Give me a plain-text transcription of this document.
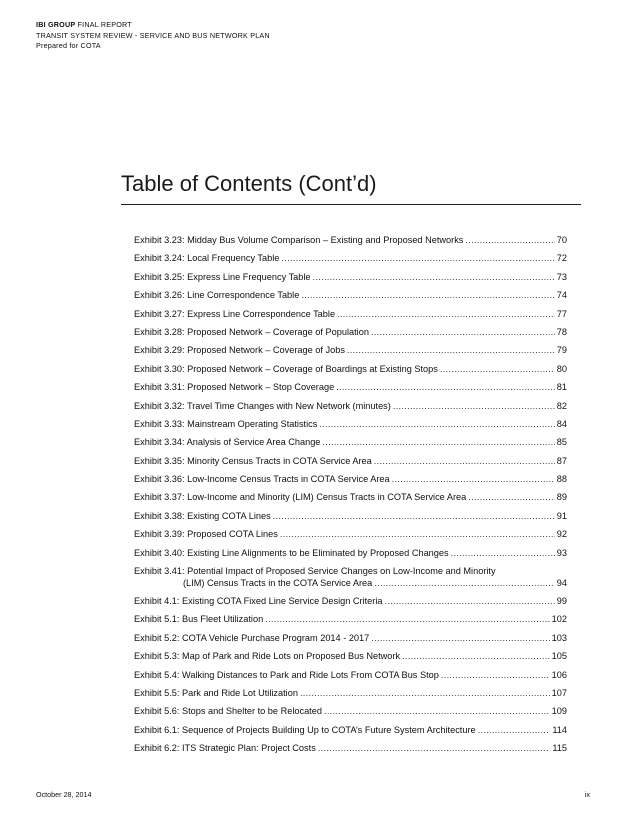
IBI GROUP FINAL REPORT
TRANSIT SYSTEM REVIEW - SERVICE AND BUS NETWORK PLAN
Prepared for COTA
Table of Contents (Cont’d)
Exhibit 3.23: Midday Bus Volume Comparison – Existing and Proposed Networks .....	70
Exhibit 3.24: Local Frequency Table .....	72
Exhibit 3.25: Express Line Frequency Table .....	73
Exhibit 3.26: Line Correspondence Table .....	74
Exhibit 3.27: Express Line Correspondence Table .....	77
Exhibit 3.28: Proposed Network – Coverage of Population .....	78
Exhibit 3.29: Proposed Network – Coverage of Jobs .....	79
Exhibit 3.30: Proposed Network – Coverage of Boardings at Existing Stops .....	80
Exhibit 3.31: Proposed Network – Stop Coverage .....	81
Exhibit 3.32: Travel Time Changes with New Network (minutes) .....	82
Exhibit 3.33: Mainstream Operating Statistics .....	84
Exhibit 3.34: Analysis of Service Area Change .....	85
Exhibit 3.35: Minority Census Tracts in COTA Service Area .....	87
Exhibit 3.36: Low-Income Census Tracts in COTA Service Area .....	88
Exhibit 3.37: Low-Income and Minority (LIM) Census Tracts in COTA Service Area .....	89
Exhibit 3.38: Existing COTA Lines .....	91
Exhibit 3.39: Proposed COTA Lines .....	92
Exhibit 3.40: Existing Line Alignments to be Eliminated by Proposed Changes .....	93
Exhibit 3.41: Potential Impact of Proposed Service Changes on Low-Income and Minority
(LIM) Census Tracts in the COTA Service Area .....	94
Exhibit 4.1: Existing COTA Fixed Line Service Design Criteria .....	99
Exhibit 5.1: Bus Fleet Utilization .....	102
Exhibit 5.2: COTA Vehicle Purchase Program 2014 - 2017 .....	103
Exhibit 5.3: Map of Park and Ride Lots on Proposed Bus Network .....	105
Exhibit 5.4: Walking Distances to Park and Ride Lots From COTA Bus Stop .....	106
Exhibit 5.5: Park and Ride Lot Utilization .....	107
Exhibit 5.6: Stops and Shelter to be Relocated .....	109
Exhibit 6.1: Sequence of Projects Building Up to COTA’s Future System Architecture .....	114
Exhibit 6.2: ITS Strategic Plan: Project Costs .....	115
October 28, 2014	ix
